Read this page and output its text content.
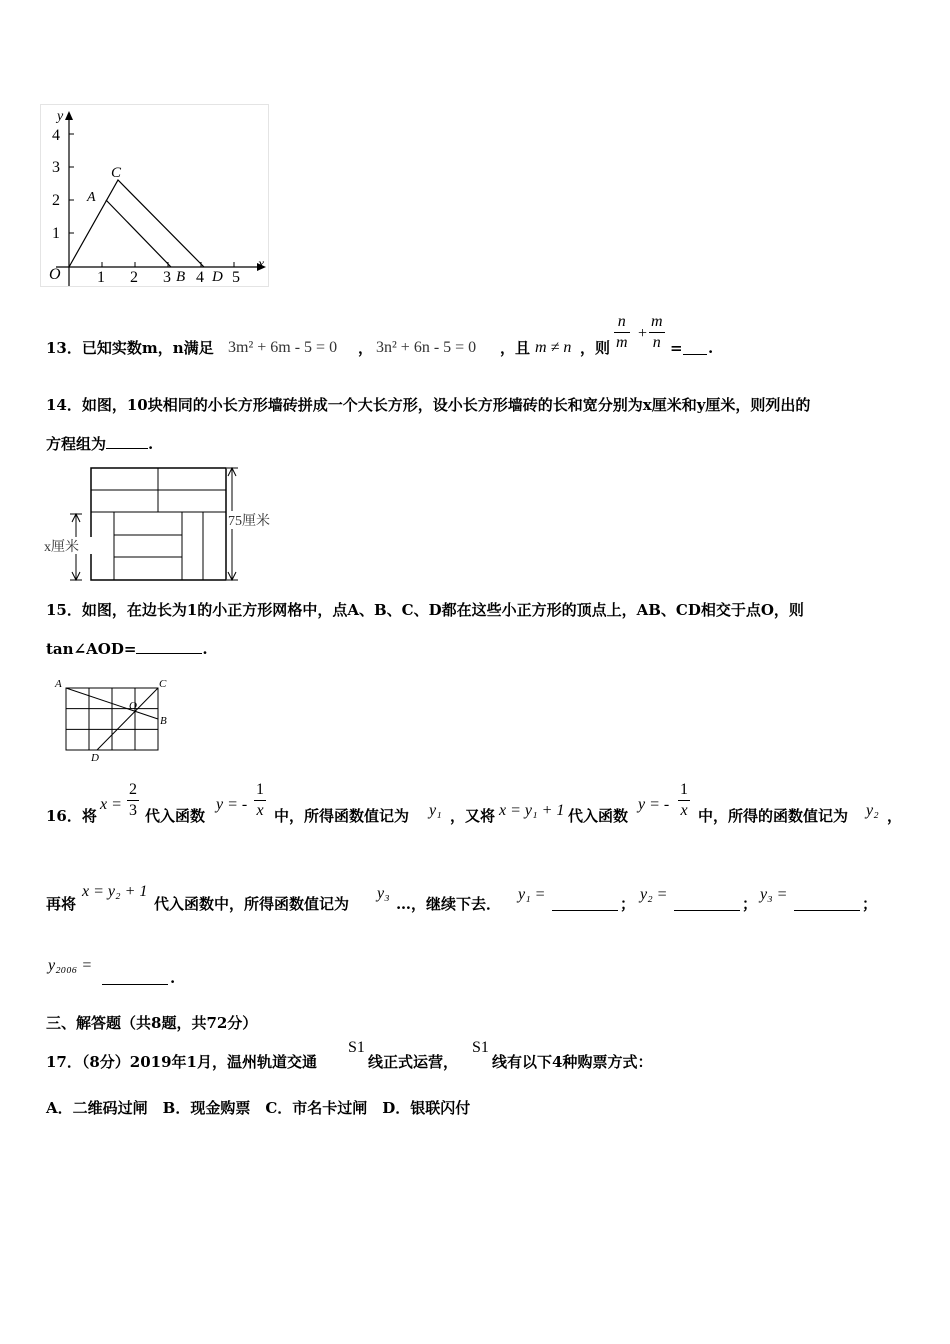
y
x
O
1
2
3
4
1 2 3 4 5
A
B
C
D
13．已知实数m，n满足 3m² + 6m - 5 = 0 ， 3n² + 6n - 5 = 0 ，且 m ≠ n ，则 $\frac{n}{m} + \frac{m}{n}$ = .
14．如图，10块相同的小长方形墙砖拼成一个大长方形，设小长方形墙砖的长和宽分别为x厘米和y厘米，则列出的
方程组为	.
75厘米
x厘米
15．如图，在边长为1的小正方形网格中，点A、B、C、D都在这些小正方形的顶点上，AB、CD相交于点O，则
tan∠AOD=	.
A	C
B
D
O
16．将
$x = \frac{2}{3}$ 代入函数
y = - $\frac{1}{x}$ 中，所得函数值记为 y₁ ，又将 x = y₁ + 1 代入函数
y = - $\frac{1}{x}$ 中，所得的函数值记为 y₂ ，
再将
x = y₂ + 1
代入函数中，所得函数值记为
y₃
…，继续下去．
y₁ =
；
y₂ =
；
y₃ =
；
y₂₀₀₆ =
.
三、解答题（共8题，共72分）
17．（8分）2019年1月，温州轨道交通
S1
线正式运营，
S1
线有以下4种购票方式：
A．二维码过闸　B．现金购票　C．市名卡过闸　D．银联闪付
